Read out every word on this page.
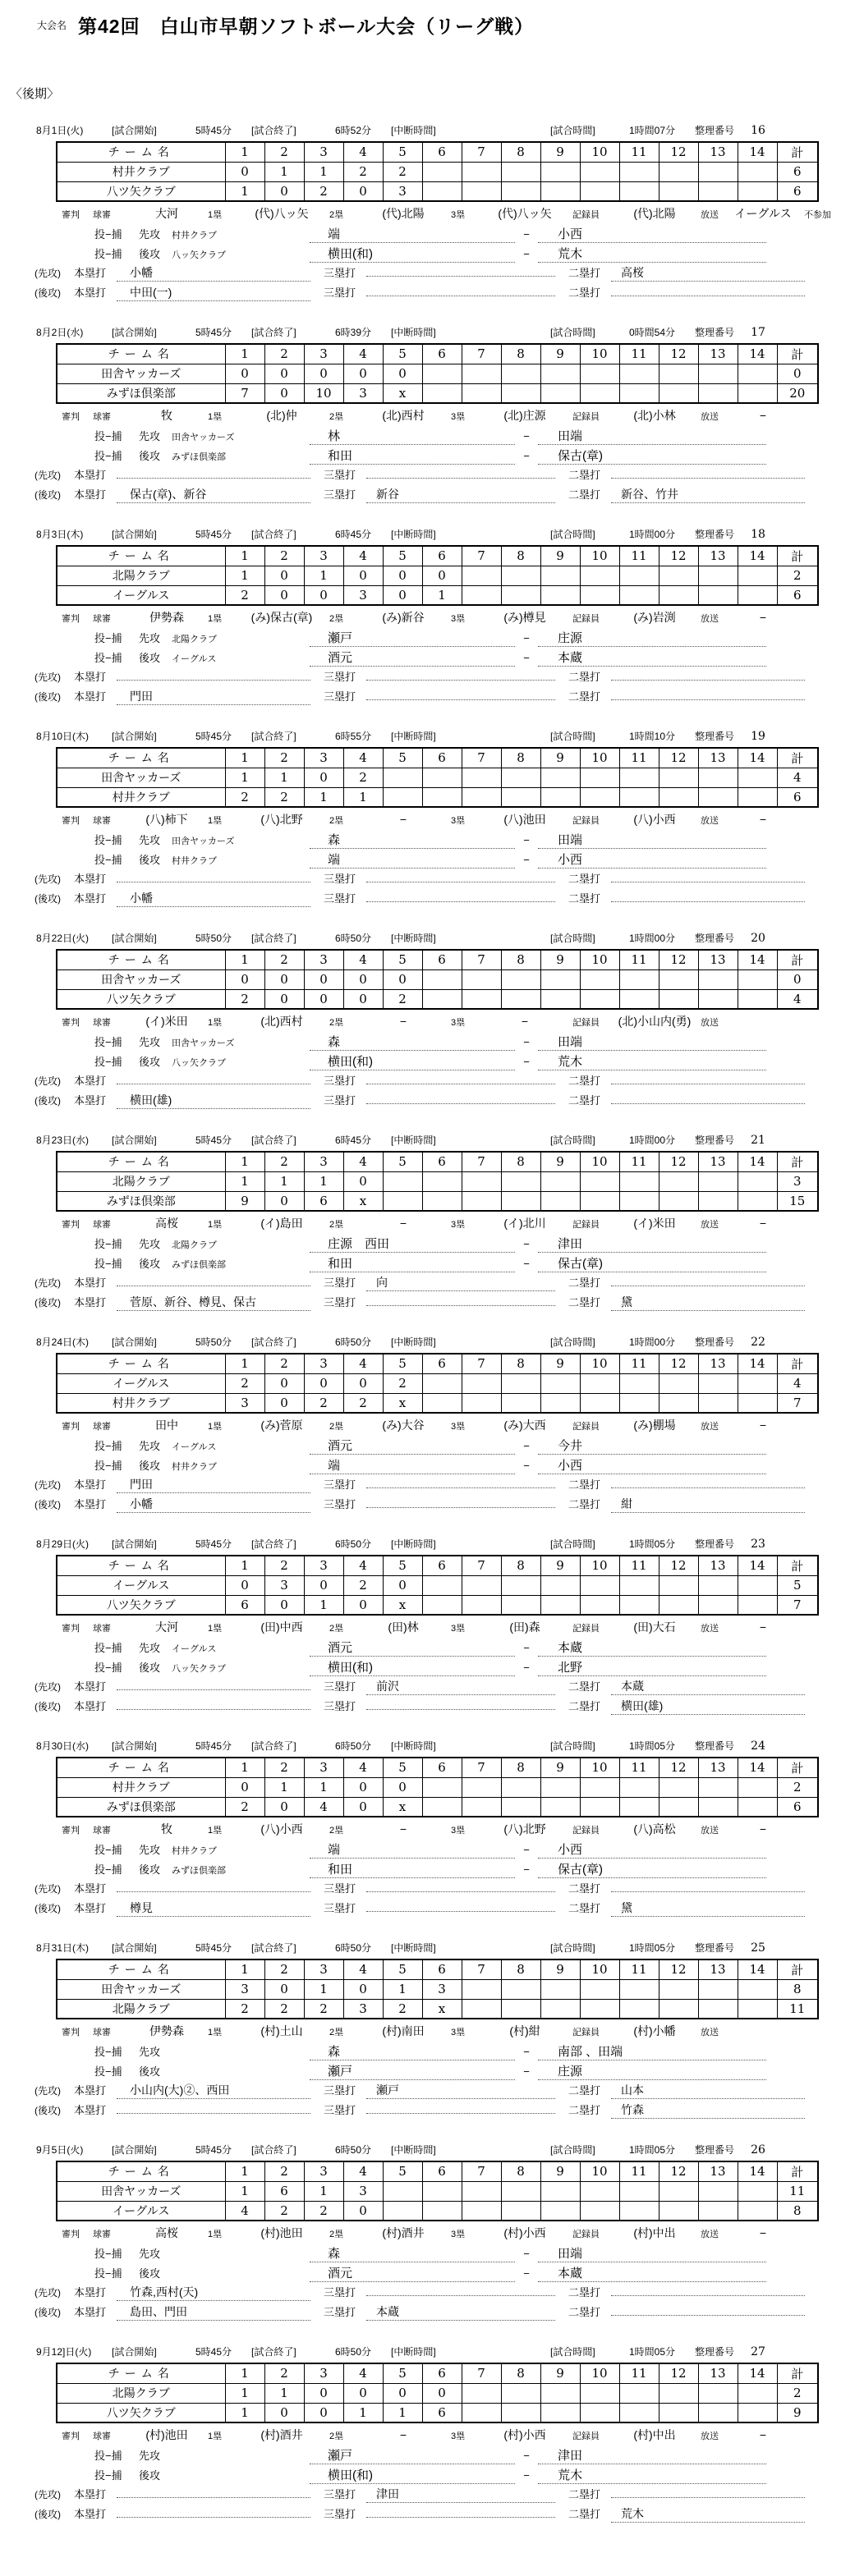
大会名 第42回　白山市早朝ソフトボール大会（リーグ戦）
〈後期〉
8月1日(火)	[試合開始]	5時45分	[試合終了]	6時52分	[中断時間]	[試合時間]	1時間07分	整理番号	16
チーム名	1	2	3	4	5	6	7	8	9	10	11	12	13	14	計
村井クラブ	0	1	1	2	2										6
八ツ矢クラブ	1	0	2	0	3										6
審判	球審	大河	1塁	(代)八ッ矢	2塁	(代)北陽	3塁	(代)八ッ矢	記録員	(代)北陽	放送	イーグルス	不参加
投−捕	先攻	村井クラブ	端	−	小西
投−捕	後攻	八ッ矢クラブ	横田(和)	−	荒木
(先攻)	本塁打	小幡	三塁打	二塁打	高桜
(後攻)	本塁打	中田(一)	三塁打	二塁打
8月2日(水)	[試合開始]	5時45分	[試合終了]	6時39分	[中断時間]	[試合時間]	0時間54分	整理番号	17
チーム名	1	2	3	4	5	6	7	8	9	10	11	12	13	14	計
田舎ヤッカーズ	0	0	0	0	0										0
みずほ倶楽部	7	0	10	3	x										20
審判	球審	牧	1塁	(北)仲	2塁	(北)西村	3塁	(北)庄源	記録員	(北)小林	放送	−
投−捕	先攻	田舎ヤッカーズ	林	−	田端
投−捕	後攻	みずほ倶楽部	和田	−	保古(章)
(先攻)	本塁打	三塁打	二塁打
(後攻)	本塁打	保古(章)、新谷	三塁打	新谷	二塁打	新谷、竹井
8月3日(木)	[試合開始]	5時45分	[試合終了]	6時45分	[中断時間]	[試合時間]	1時間00分	整理番号	18
チーム名	1	2	3	4	5	6	7	8	9	10	11	12	13	14	計
北陽クラブ	1	0	1	0	0	0									2
イーグルス	2	0	0	3	0	1									6
審判	球審	伊勢森	1塁	(み)保古(章)	2塁	(み)新谷	3塁	(み)樽見	記録員	(み)岩渕	放送	−
投−捕	先攻	北陽クラブ	瀬戸	−	庄源
投−捕	後攻	イーグルス	酒元	−	本蔵
(先攻)	本塁打	三塁打	二塁打
(後攻)	本塁打	門田	三塁打	二塁打
8月10日(木)	[試合開始]	5時45分	[試合終了]	6時55分	[中断時間]	[試合時間]	1時間10分	整理番号	19
チーム名	1	2	3	4	5	6	7	8	9	10	11	12	13	14	計
田舎ヤッカーズ	1	1	0	2											4
村井クラブ	2	2	1	1											6
審判	球審	(八)柿下	1塁	(八)北野	2塁	−	3塁	(八)池田	記録員	(八)小西	放送	−
投−捕	先攻	田舎ヤッカーズ	森	−	田端
投−捕	後攻	村井クラブ	端	−	小西
(先攻)	本塁打	三塁打	二塁打
(後攻)	本塁打	小幡	三塁打	二塁打
8月22日(火)	[試合開始]	5時50分	[試合終了]	6時50分	[中断時間]	[試合時間]	1時間00分	整理番号	20
チーム名	1	2	3	4	5	6	7	8	9	10	11	12	13	14	計
田舎ヤッカーズ	0	0	0	0	0										0
八ツ矢クラブ	2	0	0	0	2										4
審判	球審	(イ)米田	1塁	(北)西村	2塁	−	3塁	−	記録員	(北)小山内(勇)	放送
投−捕	先攻	田舎ヤッカーズ	森	−	田端
投−捕	後攻	八ッ矢クラブ	横田(和)	−	荒木
(先攻)	本塁打	三塁打	二塁打
(後攻)	本塁打	横田(雄)	三塁打	二塁打
8月23日(水)	[試合開始]	5時45分	[試合終了]	6時45分	[中断時間]	[試合時間]	1時間00分	整理番号	21
チーム名	1	2	3	4	5	6	7	8	9	10	11	12	13	14	計
北陽クラブ	1	1	1	0											3
みずほ倶楽部	9	0	6	x											15
審判	球審	高桜	1塁	(イ)島田	2塁	−	3塁	(イ)北川	記録員	(イ)米田	放送	−
投−捕	先攻	北陽クラブ	庄源　西田	−	津田
投−捕	後攻	みずほ倶楽部	和田	−	保古(章)
(先攻)	本塁打	三塁打	向	二塁打
(後攻)	本塁打	菅原、新谷、樽見、保古	三塁打	二塁打	黛
8月24日(木)	[試合開始]	5時50分	[試合終了]	6時50分	[中断時間]	[試合時間]	1時間00分	整理番号	22
チーム名	1	2	3	4	5	6	7	8	9	10	11	12	13	14	計
イーグルス	2	0	0	0	2										4
村井クラブ	3	0	2	2	x										7
審判	球審	田中	1塁	(み)菅原	2塁	(み)大谷	3塁	(み)大西	記録員	(み)棚場	放送	−
投−捕	先攻	イーグルス	酒元	−	今井
投−捕	後攻	村井クラブ	端	−	小西
(先攻)	本塁打	門田	三塁打	二塁打
(後攻)	本塁打	小幡	三塁打	二塁打	紺
8月29日(火)	[試合開始]	5時45分	[試合終了]	6時50分	[中断時間]	[試合時間]	1時間05分	整理番号	23
チーム名	1	2	3	4	5	6	7	8	9	10	11	12	13	14	計
イーグルス	0	3	0	2	0										5
八ツ矢クラブ	6	0	1	0	x										7
審判	球審	大河	1塁	(田)中西	2塁	(田)林	3塁	(田)森	記録員	(田)大石	放送	−
投−捕	先攻	イーグルス	酒元	−	本蔵
投−捕	後攻	八ッ矢クラブ	横田(和)	−	北野
(先攻)	本塁打	三塁打	前沢	二塁打	本蔵
(後攻)	本塁打	三塁打	二塁打	横田(雄)
8月30日(水)	[試合開始]	5時45分	[試合終了]	6時50分	[中断時間]	[試合時間]	1時間05分	整理番号	24
チーム名	1	2	3	4	5	6	7	8	9	10	11	12	13	14	計
村井クラブ	0	1	1	0	0										2
みずほ倶楽部	2	0	4	0	x										6
審判	球審	牧	1塁	(八)小西	2塁	−	3塁	(八)北野	記録員	(八)高松	放送	−
投−捕	先攻	村井クラブ	端	−	小西
投−捕	後攻	みずほ倶楽部	和田	−	保古(章)
(先攻)	本塁打	三塁打	二塁打
(後攻)	本塁打	樽見	三塁打	二塁打	黛
8月31日(木)	[試合開始]	5時45分	[試合終了]	6時50分	[中断時間]	[試合時間]	1時間05分	整理番号	25
チーム名	1	2	3	4	5	6	7	8	9	10	11	12	13	14	計
田舎ヤッカーズ	3	0	1	0	1	3									8
北陽クラブ	2	2	2	3	2	x									11
審判	球審	伊勢森	1塁	(村)土山	2塁	(村)南田	3塁	(村)紺	記録員	(村)小幡	放送
投−捕	先攻	森	−	南部 、田端
投−捕	後攻	瀬戸	−	庄源
(先攻)	本塁打	小山内(大)②、西田	三塁打	瀬戸	二塁打	山本
(後攻)	本塁打	三塁打	二塁打	竹森
9月5日(火)	[試合開始]	5時45分	[試合終了]	6時50分	[中断時間]	[試合時間]	1時間05分	整理番号	26
チーム名	1	2	3	4	5	6	7	8	9	10	11	12	13	14	計
田舎ヤッカーズ	1	6	1	3											11
イーグルス	4	2	2	0											8
審判	球審	高桜	1塁	(村)池田	2塁	(村)酒井	3塁	(村)小西	記録員	(村)中出	放送	−
投−捕	先攻	森	−	田端
投−捕	後攻	酒元	−	本蔵
(先攻)	本塁打	竹森,西村(天)	三塁打	二塁打
(後攻)	本塁打	島田、門田	三塁打	本蔵	二塁打
9月12]日(火)	[試合開始]	5時45分	[試合終了]	6時50分	[中断時間]	[試合時間]	1時間05分	整理番号	27
チーム名	1	2	3	4	5	6	7	8	9	10	11	12	13	14	計
北陽クラブ	1	1	0	0	0	0									2
八ツ矢クラブ	1	0	0	1	1	6									9
審判	球審	(村)池田	1塁	(村)酒井	2塁	−	3塁	(村)小西	記録員	(村)中出	放送	−
投−捕	先攻	瀬戸	−	津田
投−捕	後攻	横田(和)	−	荒木
(先攻)	本塁打	三塁打	津田	二塁打
(後攻)	本塁打	三塁打	二塁打	荒木
